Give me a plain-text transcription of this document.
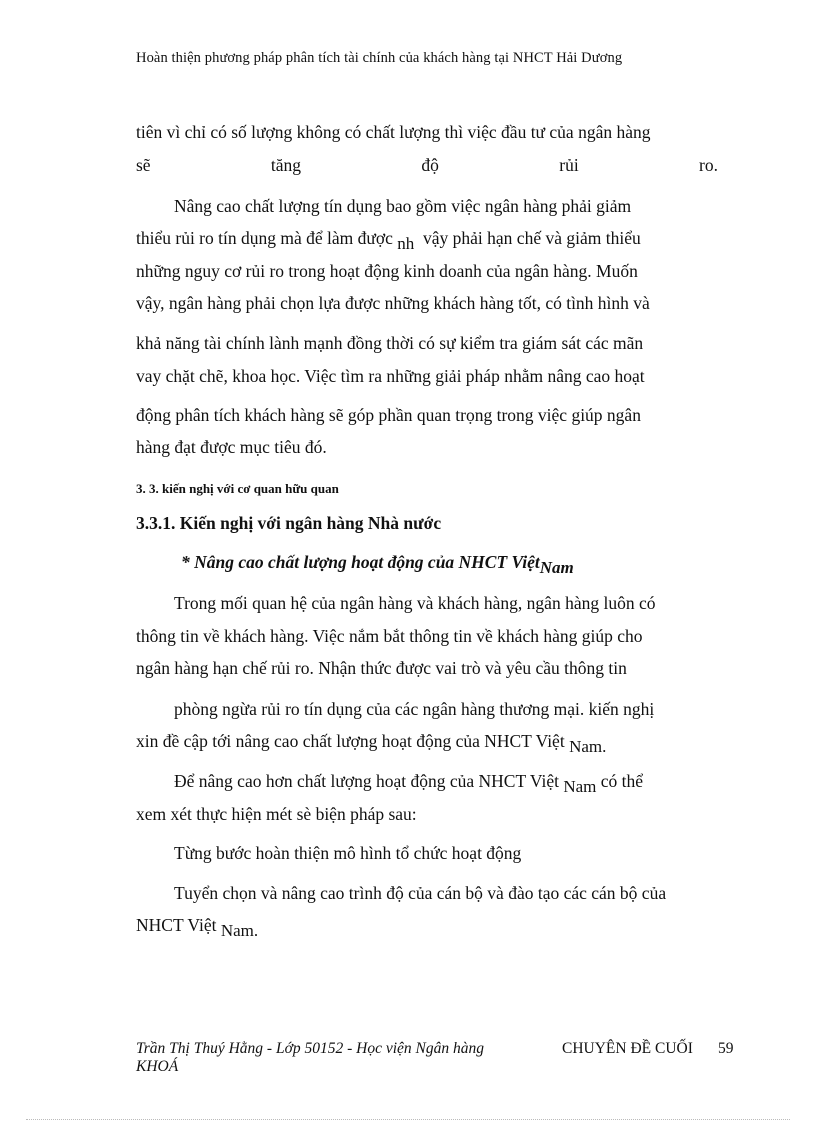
Hoàn thiện phương pháp phân tích tài chính của khách hàng tại NHCT Hải Dương
tiên vì chỉ có số lượng không có chất lượng thì việc đầu tư của ngân hàng
sẽ	tăng	độ	rủi	ro.
Nâng cao chất lượng tín dụng bao gồm việc ngân hàng phải giảm
thiểu rủi ro tín dụng mà để làm được nh vậy phải hạn chế và giảm thiểu
những nguy cơ rủi ro trong hoạt động kinh doanh của ngân hàng. Muốn
vậy, ngân hàng phải chọn lựa được những khách hàng tốt, có tình hình và
khả năng tài chính lành mạnh đồng thời có sự kiểm tra giám sát các mãn
vay chặt chẽ, khoa học. Việc tìm ra những giải pháp nhằm nâng cao hoạt
động phân tích khách hàng sẽ góp phần quan trọng trong việc giúp ngân
hàng đạt được mục tiêu đó.
3. 3. kiến nghị với cơ quan hữu quan
3.3.1. Kiến nghị với ngân hàng Nhà nước
* Nâng cao chất lượng hoạt động của NHCT ViệtNam
Trong mối quan hệ của ngân hàng và khách hàng, ngân hàng luôn có
thông tin về khách hàng. Việc nắm bắt thông tin về khách hàng giúp cho
ngân hàng hạn chế rủi ro. Nhận thức được vai trò và yêu cầu thông tin
phòng ngừa rủi ro tín dụng của các ngân hàng thương mại. kiến nghị
xin đề cập tới nâng cao chất lượng hoạt động của NHCT Việt Nam.
Để nâng cao hơn chất lượng hoạt động của NHCT Việt Nam có thể
xem xét thực hiện mét sè biện pháp sau:
Từng bước hoàn thiện mô hình tổ chức hoạt động
Tuyển chọn và nâng cao trình độ của cán bộ và đào tạo các cán bộ của
NHCT Việt Nam.
Trần Thị Thuý Hằng - Lớp 50152 - Học viện Ngân hàng
KHOÁ
CHUYÊN ĐỀ CUỐI 59
